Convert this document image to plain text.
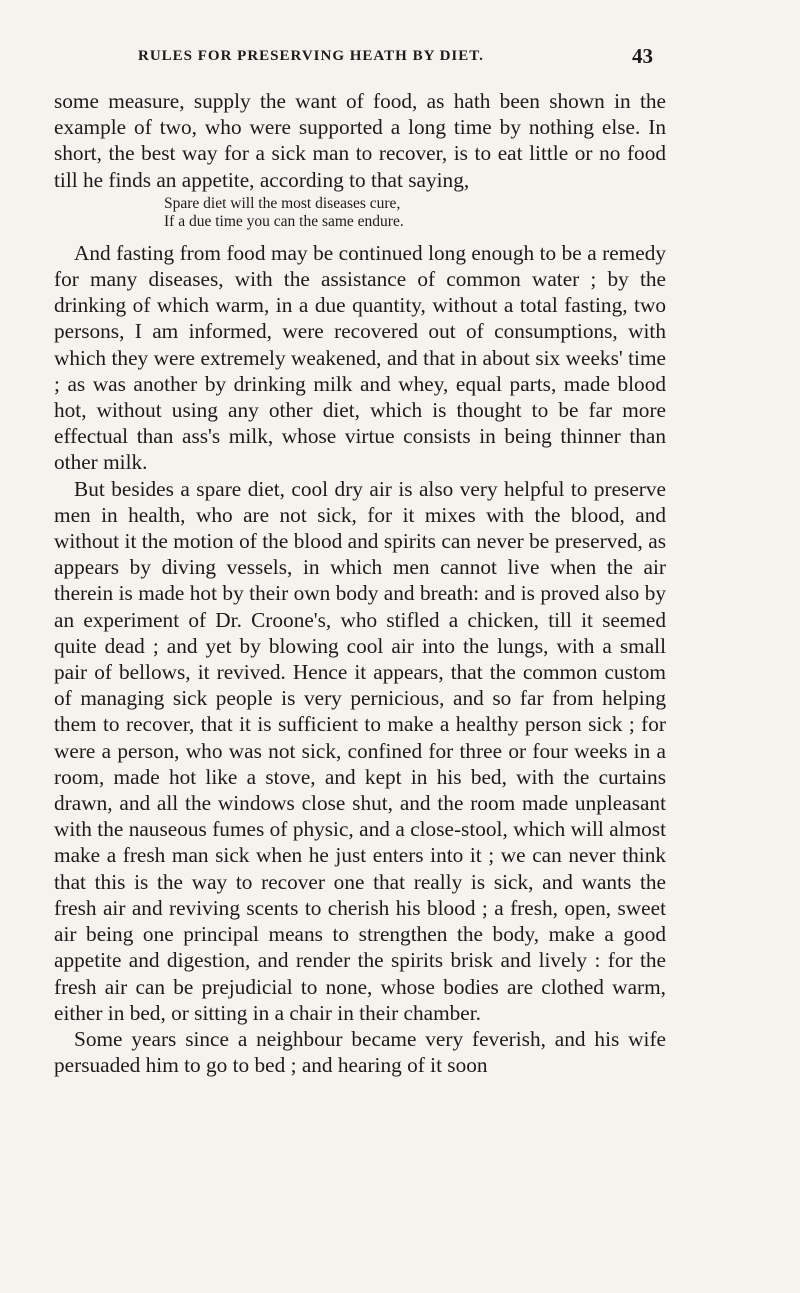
RULES FOR PRESERVING HEATH BY DIET.	43

some measure, supply the want of food, as hath been shown in the example of two, who were supported a long time by nothing else. In short, the best way for a sick man to recover, is to eat little or no food till he finds an appetite, according to that saying,

Spare diet will the most diseases cure,
If a due time you can the same endure.

And fasting from food may be continued long enough to be a remedy for many diseases, with the assistance of common water ; by the drinking of which warm, in a due quantity, without a total fasting, two persons, I am informed, were recovered out of consumptions, with which they were extremely weakened, and that in about six weeks' time ; as was another by drinking milk and whey, equal parts, made blood hot, without using any other diet, which is thought to be far more effectual than ass's milk, whose virtue consists in being thinner than other milk.

But besides a spare diet, cool dry air is also very helpful to preserve men in health, who are not sick, for it mixes with the blood, and without it the motion of the blood and spirits can never be preserved, as appears by diving vessels, in which men cannot live when the air therein is made hot by their own body and breath: and is proved also by an experiment of Dr. Croone's, who stifled a chicken, till it seemed quite dead ; and yet by blowing cool air into the lungs, with a small pair of bellows, it revived. Hence it appears, that the common custom of managing sick people is very pernicious, and so far from helping them to recover, that it is sufficient to make a healthy person sick ; for were a person, who was not sick, confined for three or four weeks in a room, made hot like a stove, and kept in his bed, with the curtains drawn, and all the windows close shut, and the room made unpleasant with the nauseous fumes of physic, and a close-stool, which will almost make a fresh man sick when he just enters into it ; we can never think that this is the way to recover one that really is sick, and wants the fresh air and reviving scents to cherish his blood ; a fresh, open, sweet air being one principal means to strengthen the body, make a good appetite and digestion, and render the spirits brisk and lively : for the fresh air can be prejudicial to none, whose bodies are clothed warm, either in bed, or sitting in a chair in their chamber.

Some years since a neighbour became very feverish, and his wife persuaded him to go to bed ; and hearing of it soon
